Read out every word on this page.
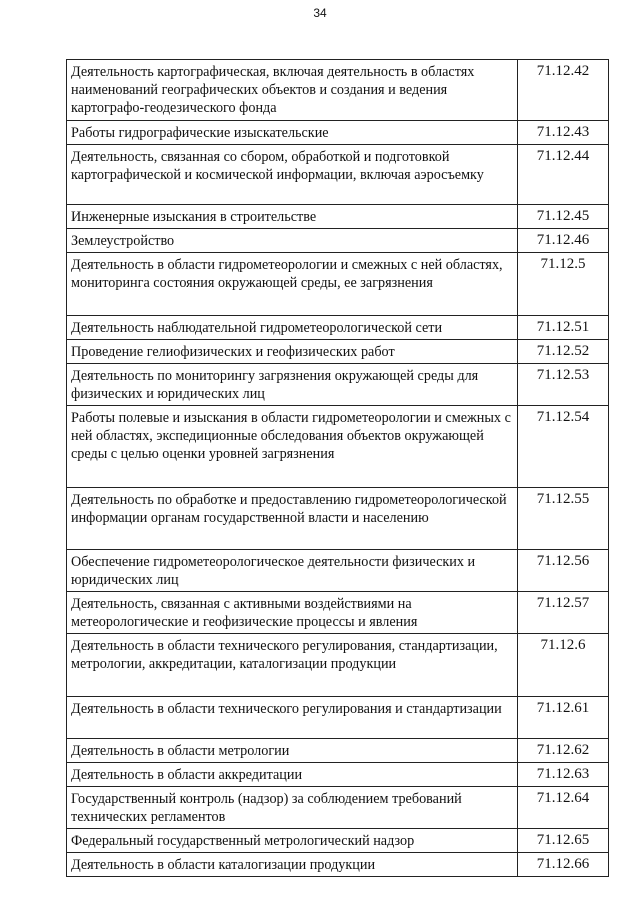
34
Деятельность картографическая, включая деятельность в областях наименований географических объектов и создания и ведения картографо-геодезического фонда	71.12.42
Работы гидрографические изыскательские	71.12.43
Деятельность, связанная со сбором, обработкой и подготовкой картографической и космической информации, включая аэросъемку	71.12.44
Инженерные изыскания в строительстве	71.12.45
Землеустройство	71.12.46
Деятельность в области гидрометеорологии и смежных с ней областях, мониторинга состояния окружающей среды, ее загрязнения	71.12.5
Деятельность наблюдательной гидрометеорологической сети	71.12.51
Проведение гелиофизических и геофизических работ	71.12.52
Деятельность по мониторингу загрязнения окружающей среды для физических и юридических лиц	71.12.53
Работы полевые и изыскания в области гидрометеорологии и смежных с ней областях, экспедиционные обследования объектов окружающей среды с целью оценки уровней загрязнения	71.12.54
Деятельность по обработке и предоставлению гидрометеорологической информации органам государственной власти и населению	71.12.55
Обеспечение гидрометеорологическое деятельности физических и юридических лиц	71.12.56
Деятельность, связанная с активными воздействиями на метеорологические и геофизические процессы и явления	71.12.57
Деятельность в области технического регулирования, стандартизации, метрологии, аккредитации, каталогизации продукции	71.12.6
Деятельность в области технического регулирования и стандартизации	71.12.61
Деятельность в области метрологии	71.12.62
Деятельность в области аккредитации	71.12.63
Государственный контроль (надзор) за соблюдением требований технических регламентов	71.12.64
Федеральный государственный метрологический надзор	71.12.65
Деятельность в области каталогизации продукции	71.12.66
